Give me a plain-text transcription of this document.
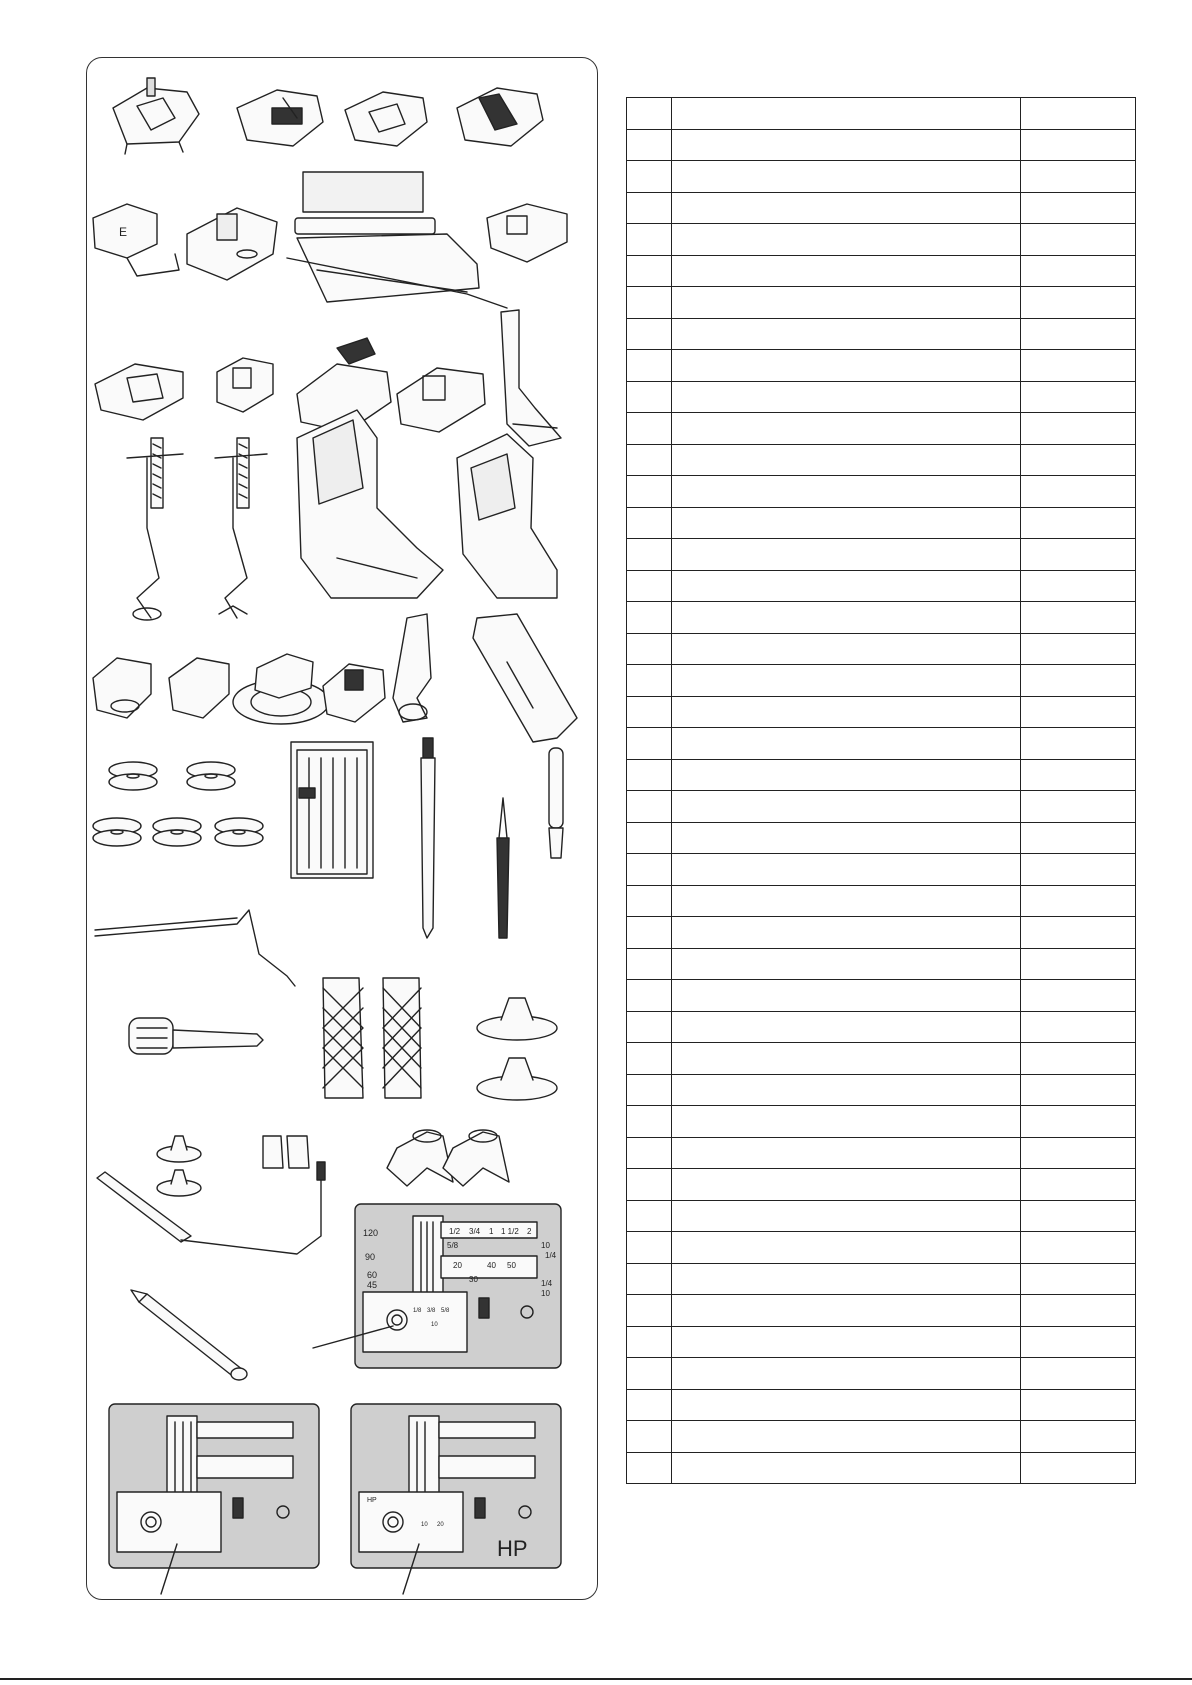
E
120
90
60
45
1/2 3/4 1 1 1/2 2
5/8
20	40 50
30
10
1/4
1/4
10
1/8 3/8 5/8
10
HP
HP
10 20
